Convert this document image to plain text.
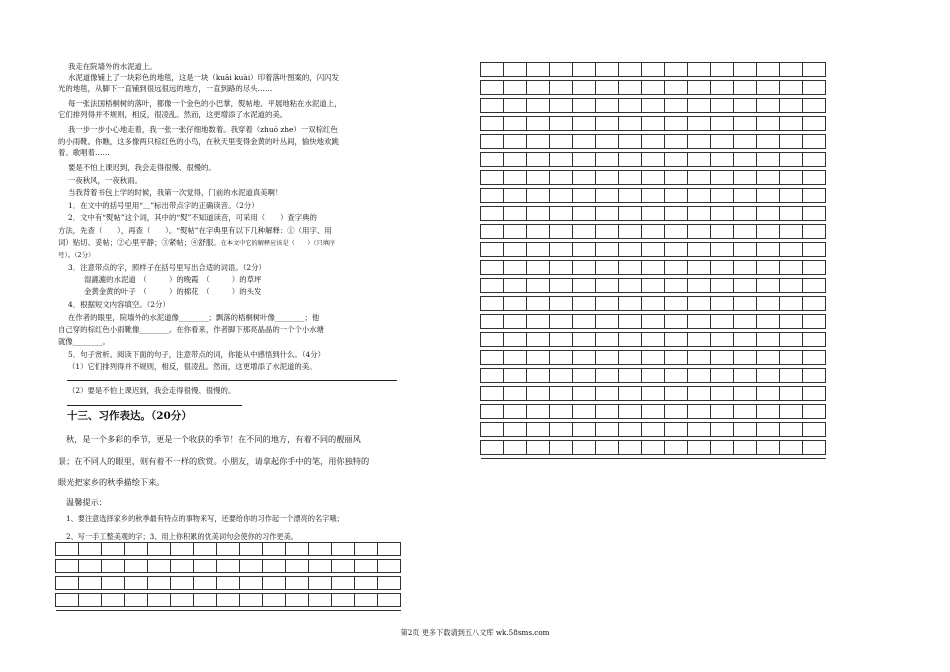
我走在院墙外的水泥道上。
水泥道像铺上了一块彩色的地毯，这是一块（kuāi kuài）印着落叶图案的，闪闪发
光的地毯，从脚下一直铺到很远很远的地方，一直到路的尽头……
每一张法国梧桐树的落叶，都像一个金色的小巴掌，熨帖地、平展地粘在水泥道上，
它们排列得并不规则，相反，很凌乱。然而，这更增添了水泥道的美。
我一步一步小心地走着，我一张一张仔细地数着。我穿着（zhuó zhe）一双棕红色
的小雨靴。你瞧，这多像两只棕红色的小鸟，在秋天里变得金黄的叶丛间，愉快地欢跳
着、歌唱着……
要是不怕上课迟到，我会走得很慢、很慢的。
一夜秋风，一夜秋雨。
当我背着书包上学的时候，我第一次觉得，门前的水泥道真美啊！
1．在文中的括号里用“＿”标出带点字的正确读音。（2分）
2．文中有“熨帖”这个词，其中的“熨”不知道读音，可采用（　　）查字典的
方法，先查（　　），再查（　　）。“熨帖”在字典里有以下几种解释：①（用字、用
词）贴切、妥帖；②心里平静；③紧帖；④舒服。在本文中它的解释应该是（　　）（只填序
号）。（2分）
3．注意带点的字，照样子在括号里写出合适的词语。（2分）
湿漉漉的水泥道　（　　　）的晚霞　（　　　）的草坪
金黄金黄的叶子　（　　　）的棉花　（　　　）的头发
4．根据短文内容填空。（2分）
在作者的眼里，院墙外的水泥道像________；飘落的梧桐树叶像________；他
自己穿的棕红色小雨靴像________。在你看来，作者脚下那亮晶晶的一个个小水塘
就像________。
5．句子赏析。阅读下面的句子，注意带点的词，你能从中感悟到什么。（4分）
（1）它们排列得并不规则，相反，很凌乱。然而，这更增添了水泥道的美。
（2）要是不怕上课迟到，我会走得很慢、很慢的。
十三、习作表达。（20分）
秋，是一个多彩的季节，更是一个收获的季节！在不同的地方，有着不同的靓丽风
景；在不同人的眼里，则有着不一样的欣赏。小朋友，请拿起你手中的笔，用你独特的
眼光把家乡的秋季描绘下来。
温馨提示：
1、要注意选择家乡的秋季最有特点的事物来写，还要给你的习作起一个漂亮的名字哦；
2、写一手工整美观的字；3、用上你积累的优美词句会使你的习作更美。

第2页 更多下载请到五八文库 wk.58sms.com
